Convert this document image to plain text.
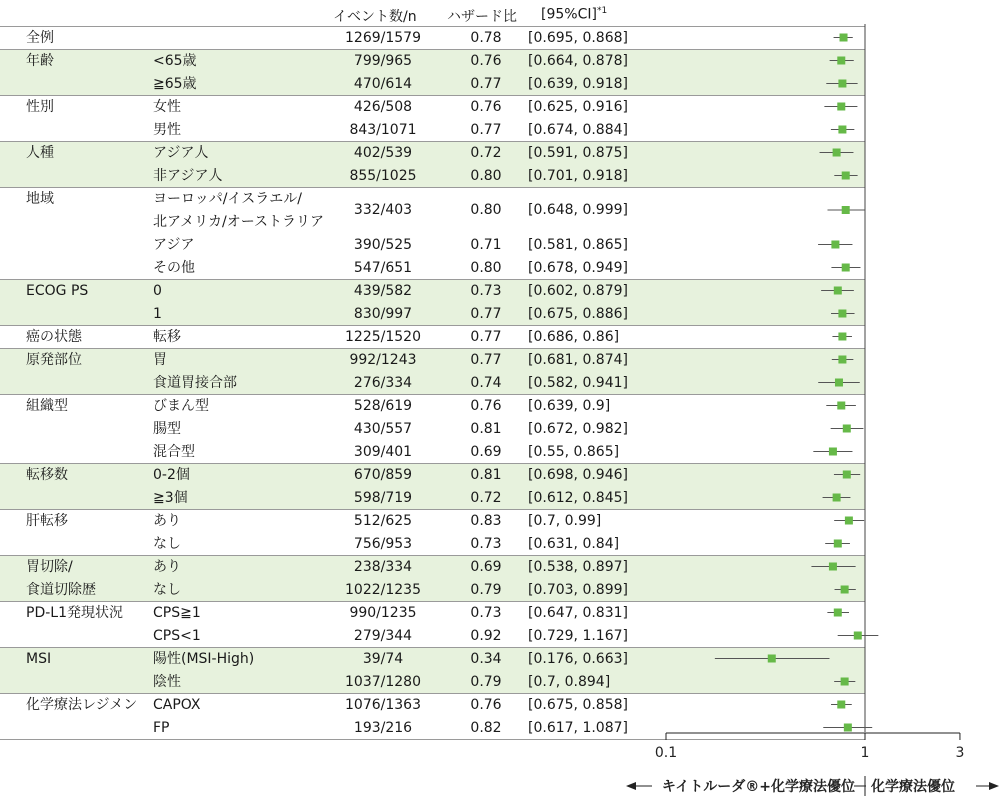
イベント数/n ハザード比 $[95\%CI]^{*1}$
全例	1269/1579	0.78	[0.695, 0.868]
年齢	<65歳	799/965	0.76	[0.664, 0.878]
≧65歳	470/614	0.77	[0.639, 0.918]
性別	女性	426/508	0.76	[0.625, 0.916]
男性	843/1071	0.77	[0.674, 0.884]
人種	アジア人	402/539	0.72	[0.591, 0.875]
非アジア人	855/1025	0.80	[0.701, 0.918]
地域	ヨーロッパ/イスラエル/
北アメリカ/オーストラリア
332/403	0.80	[0.648, 0.999]
アジア	390/525	0.71	[0.581, 0.865]
その他	547/651	0.80	[0.678, 0.949]
ECOG PS	0	439/582	0.73	[0.602, 0.879]
1	830/997	0.77	[0.675, 0.886]
癌の状態	転移	1225/1520	0.77	[0.686, 0.86]
原発部位	胃	992/1243	0.77	[0.681, 0.874]
食道胃接合部	276/334	0.74	[0.582, 0.941]
組織型	びまん型	528/619	0.76	[0.639, 0.9]
腸型	430/557	0.81	[0.672, 0.982]
混合型	309/401	0.69	[0.55, 0.865]
転移数	0-2個	670/859	0.81	[0.698, 0.946]
≧3個	598/719	0.72	[0.612, 0.845]
肝転移	あり	512/625	0.83	[0.7, 0.99]
なし	756/953	0.73	[0.631, 0.84]
胃切除/
食道切除歴
あり	238/334	0.69	[0.538, 0.897]
なし	1022/1235	0.79	[0.703, 0.899]
PD-L1発現状況 CPS≧1	990/1235	0.73	[0.647, 0.831]
CPS<1	279/344	0.92	[0.729, 1.167]
MSI	陽性(MSI-High)	39/74	0.34	[0.176, 0.663]
陰性	1037/1280	0.79	[0.7, 0.894]
化学療法レジメン CAPOX	1076/1363	0.76	[0.675, 0.858]
FP	193/216	0.82	[0.617, 1.087]
0.1	1	3
キイトルーダ®+化学療法優位 化学療法優位
